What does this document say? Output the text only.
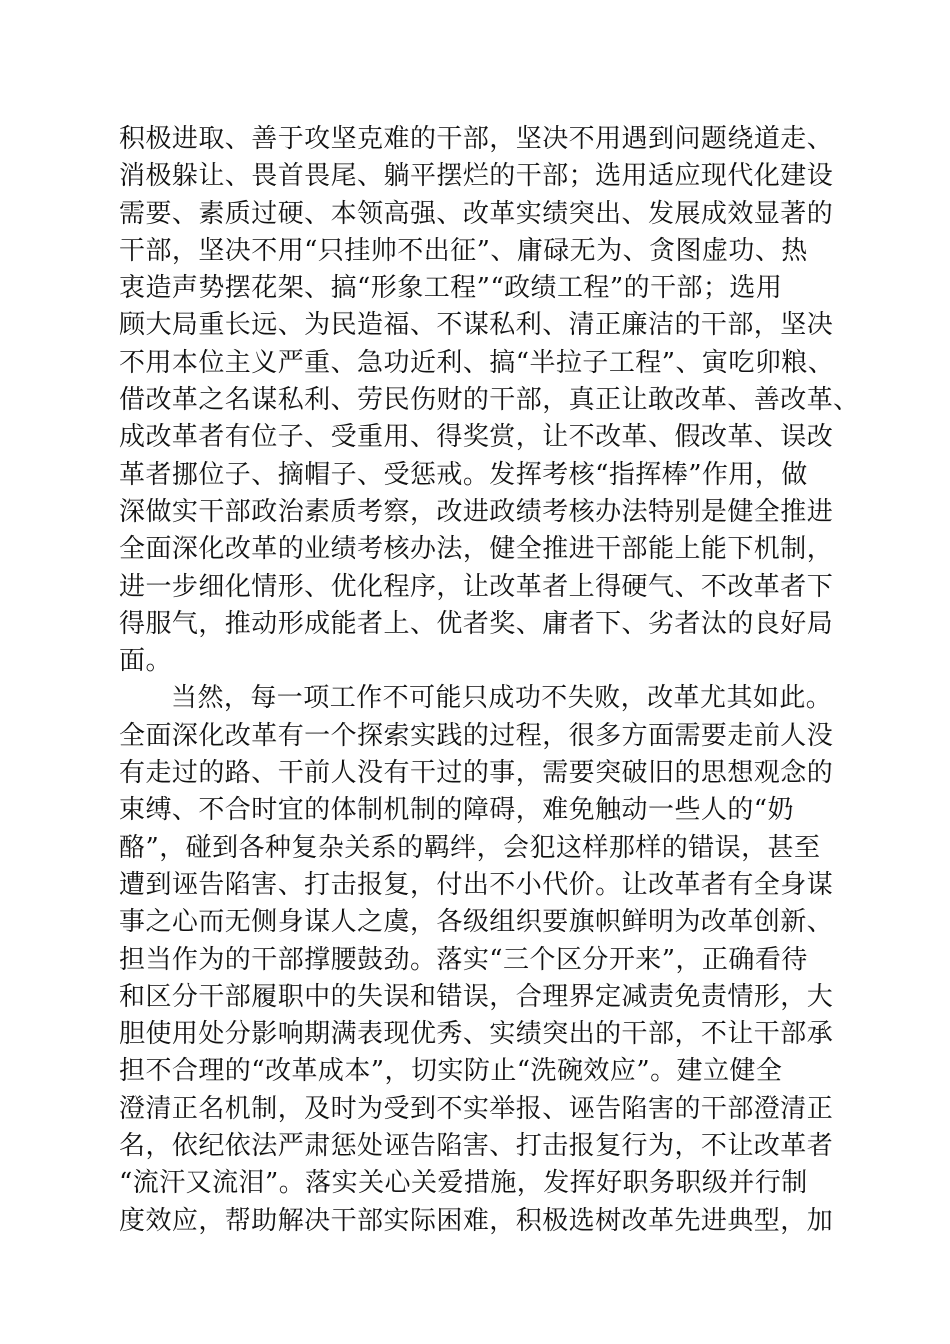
积极进取、善于攻坚克难的干部，坚决不用遇到问题绕道走、
消极躲让、畏首畏尾、躺平摆烂的干部；选用适应现代化建设
需要、素质过硬、本领高强、改革实绩突出、发展成效显著的
干部，坚决不用“只挂帅不出征”、庸碌无为、贪图虚功、热
衷造声势摆花架、搞“形象工程”“政绩工程”的干部；选用
顾大局重长远、为民造福、不谋私利、清正廉洁的干部，坚决
不用本位主义严重、急功近利、搞“半拉子工程”、寅吃卯粮、
借改革之名谋私利、劳民伤财的干部，真正让敢改革、善改革、
成改革者有位子、受重用、得奖赏，让不改革、假改革、误改
革者挪位子、摘帽子、受惩戒。发挥考核“指挥棒”作用，做
深做实干部政治素质考察，改进政绩考核办法特别是健全推进
全面深化改革的业绩考核办法，健全推进干部能上能下机制，
进一步细化情形、优化程序，让改革者上得硬气、不改革者下
得服气，推动形成能者上、优者奖、庸者下、劣者汰的良好局
面。
当然，每一项工作不可能只成功不失败，改革尤其如此。
全面深化改革有一个探索实践的过程，很多方面需要走前人没
有走过的路、干前人没有干过的事，需要突破旧的思想观念的
束缚、不合时宜的体制机制的障碍，难免触动一些人的“奶
酪”，碰到各种复杂关系的羁绊，会犯这样那样的错误，甚至
遭到诬告陷害、打击报复，付出不小代价。让改革者有全身谋
事之心而无侧身谋人之虞，各级组织要旗帜鲜明为改革创新、
担当作为的干部撑腰鼓劲。落实“三个区分开来”，正确看待
和区分干部履职中的失误和错误，合理界定减责免责情形，大
胆使用处分影响期满表现优秀、实绩突出的干部，不让干部承
担不合理的“改革成本”，切实防止“洗碗效应”。建立健全
澄清正名机制，及时为受到不实举报、诬告陷害的干部澄清正
名，依纪依法严肃惩处诬告陷害、打击报复行为，不让改革者
“流汗又流泪”。落实关心关爱措施，发挥好职务职级并行制
度效应，帮助解决干部实际困难，积极选树改革先进典型，加
